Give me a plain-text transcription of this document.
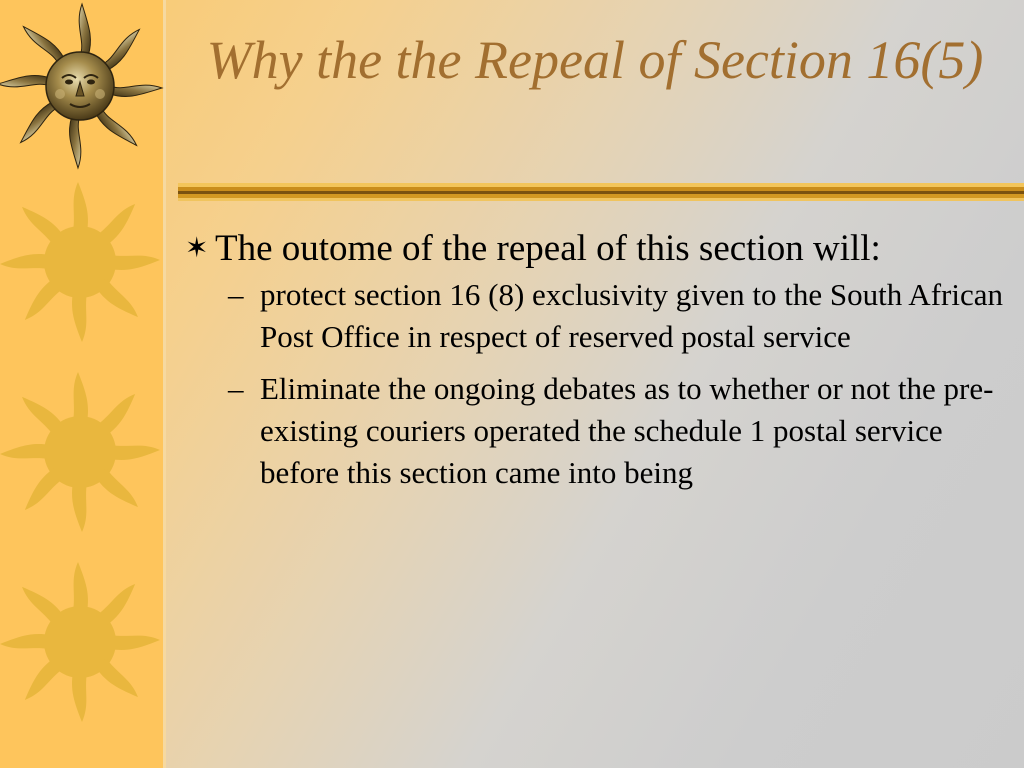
Why the the Repeal of Section 16(5)
✶ The outome of the repeal of this section will:
– protect section 16 (8) exclusivity given to the South African Post Office in respect of reserved postal service
– Eliminate the ongoing debates as to whether or not the pre-existing couriers operated the schedule 1 postal service before this section came into being
